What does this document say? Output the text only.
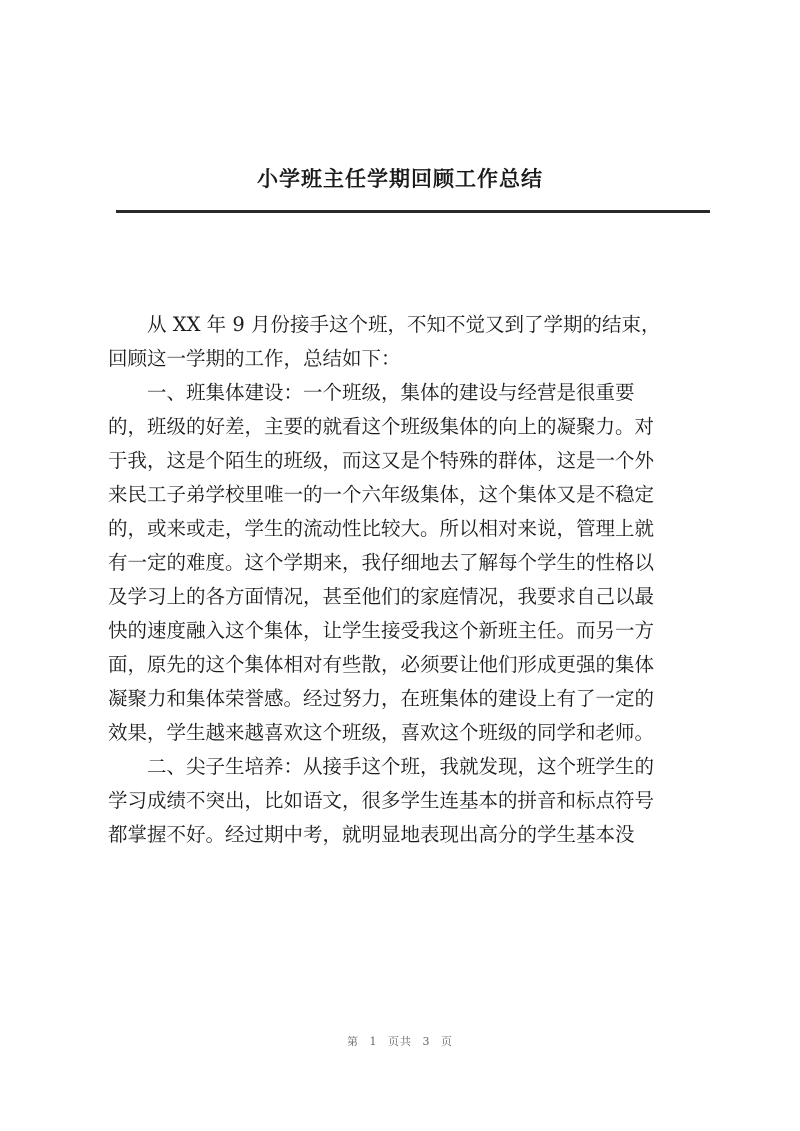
小学班主任学期回顾工作总结
从 XX 年 9 月份接手这个班，不知不觉又到了学期的结束，
回顾这一学期的工作，总结如下：
一、班集体建设：一个班级，集体的建设与经营是很重要
的，班级的好差，主要的就看这个班级集体的向上的凝聚力。对
于我，这是个陌生的班级，而这又是个特殊的群体，这是一个外
来民工子弟学校里唯一的一个六年级集体，这个集体又是不稳定
的，或来或走，学生的流动性比较大。所以相对来说，管理上就
有一定的难度。这个学期来，我仔细地去了解每个学生的性格以
及学习上的各方面情况，甚至他们的家庭情况，我要求自己以最
快的速度融入这个集体，让学生接受我这个新班主任。而另一方
面，原先的这个集体相对有些散，必须要让他们形成更强的集体
凝聚力和集体荣誉感。经过努力，在班集体的建设上有了一定的
效果，学生越来越喜欢这个班级，喜欢这个班级的同学和老师。
二、尖子生培养：从接手这个班，我就发现，这个班学生的
学习成绩不突出，比如语文，很多学生连基本的拼音和标点符号
都掌握不好。经过期中考，就明显地表现出高分的学生基本没
第 1 页共 3 页
